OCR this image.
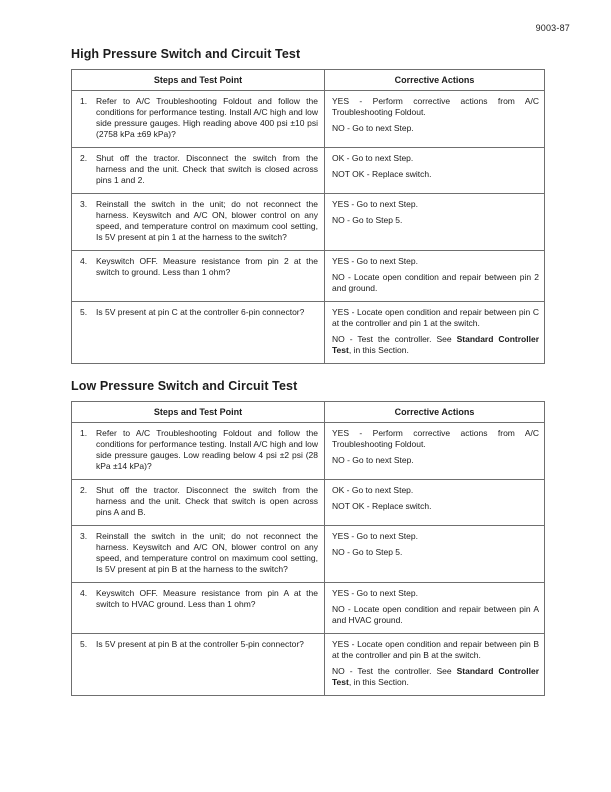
9003-87
High Pressure Switch and Circuit Test
Steps and Test Point	Corrective Actions

1.	Refer to A/C Troubleshooting Foldout and follow the conditions for performance testing. Install A/C high and low side pressure gauges. High reading above 400 psi ±10 psi (2758 kPa ±69 kPa)?

YES - Perform corrective actions from A/C Troubleshooting Foldout.

NO - Go to next Step.

2.	Shut off the tractor. Disconnect the switch from the harness and the unit. Check that switch is closed across pins 1 and 2.

OK - Go to next Step.

NOT OK - Replace switch.

3.	Reinstall the switch in the unit; do not reconnect the harness. Keyswitch and A/C ON, blower control on any speed, and temperature control on maximum cool setting, Is 5V present at pin 1 at the harness to the switch?

YES - Go to next Step.

NO - Go to Step 5.

4.	Keyswitch OFF. Measure resistance from pin 2 at the switch to ground. Less than 1 ohm?

YES - Go to next Step.

NO - Locate open condition and repair between pin 2 and ground.

5.	Is 5V present at pin C at the controller 6-pin connector?	YES - Locate open condition and repair between pin C at the controller and pin 1 at the switch.

NO - Test the controller. See Standard Controller Test, in this Section.

Low Pressure Switch and Circuit Test
Steps and Test Point	Corrective Actions

1.	Refer to A/C Troubleshooting Foldout and follow the conditions for performance testing. Install A/C high and low side pressure gauges. Low reading below 4 psi ±2 psi (28 kPa ±14 kPa)?

YES - Perform corrective actions from A/C Troubleshooting Foldout.

NO - Go to next Step.

2.	Shut off the tractor. Disconnect the switch from the harness and the unit. Check that switch is open across pins A and B.

OK - Go to next Step.

NOT OK - Replace switch.

3.	Reinstall the switch in the unit; do not reconnect the harness. Keyswitch and A/C ON, blower control on any speed, and temperature control on maximum cool setting, Is 5V present at pin B at the harness to the switch?

YES - Go to next Step.

NO - Go to Step 5.

4.	Keyswitch OFF. Measure resistance from pin A at the switch to HVAC ground. Less than 1 ohm?

YES - Go to next Step.

NO - Locate open condition and repair between pin A and HVAC ground.

5.	Is 5V present at pin B at the controller 5-pin connector?	YES - Locate open condition and repair between pin B at the controller and pin B at the switch.

NO - Test the controller. See Standard Controller Test, in this Section.
